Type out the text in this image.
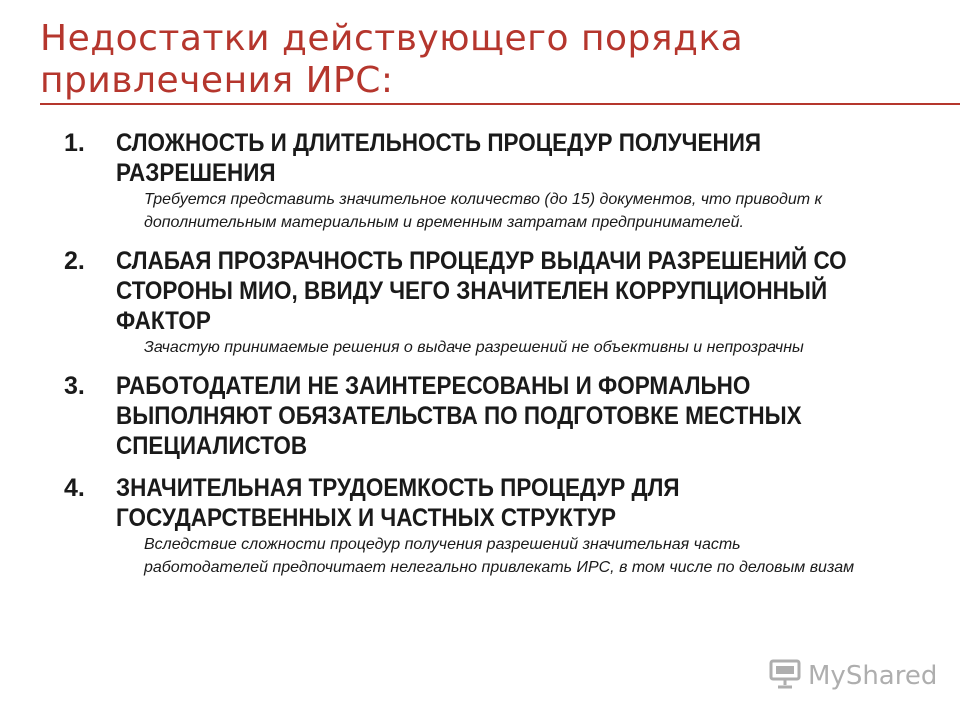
Недостатки действующего порядка
привлечения ИРС:
1. СЛОЖНОСТЬ И ДЛИТЕЛЬНОСТЬ ПРОЦЕДУР ПОЛУЧЕНИЯ РАЗРЕШЕНИЯ
Требуется представить значительное количество (до 15) документов, что приводит к дополнительным материальным и временным затратам предпринимателей.
2. СЛАБАЯ ПРОЗРАЧНОСТЬ ПРОЦЕДУР ВЫДАЧИ РАЗРЕШЕНИЙ СО СТОРОНЫ МИО, ВВИДУ ЧЕГО ЗНАЧИТЕЛЕН КОРРУПЦИОННЫЙ ФАКТОР
Зачастую принимаемые решения о выдаче разрешений не объективны и непрозрачны
3. РАБОТОДАТЕЛИ НЕ ЗАИНТЕРЕСОВАНЫ И ФОРМАЛЬНО ВЫПОЛНЯЮТ ОБЯЗАТЕЛЬСТВА ПО ПОДГОТОВКЕ МЕСТНЫХ СПЕЦИАЛИСТОВ
4. ЗНАЧИТЕЛЬНАЯ ТРУДОЕМКОСТЬ ПРОЦЕДУР ДЛЯ ГОСУДАРСТВЕННЫХ И ЧАСТНЫХ СТРУКТУР
Вследствие сложности процедур получения разрешений значительная часть работодателей предпочитает нелегально привлекать ИРС, в том числе по деловым визам
MyShared
